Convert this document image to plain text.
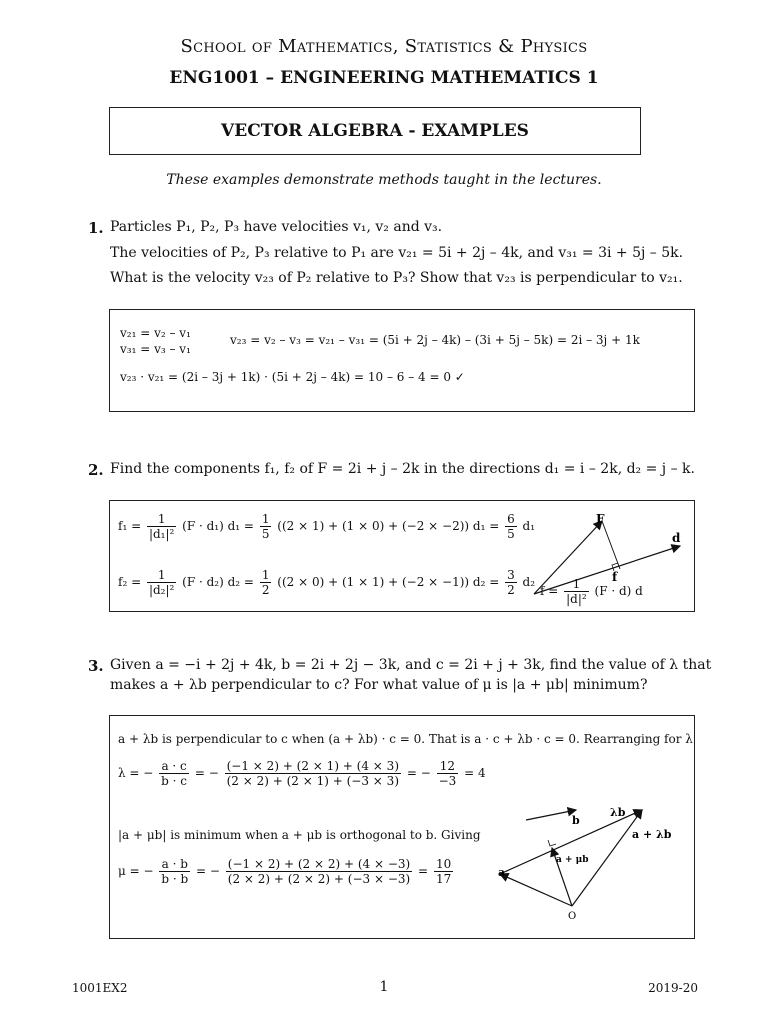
School of Mathematics, Statistics & Physics
ENG1001 – ENGINEERING MATHEMATICS 1
VECTOR ALGEBRA - EXAMPLES
These examples demonstrate methods taught in the lectures.
1. Particles P₁, P₂, P₃ have velocities v₁, v₂ and v₃.
The velocities of P₂, P₃ relative to P₁ are v₂₁ = 5i + 2j – 4k, and v₃₁ = 3i + 5j – 5k.
What is the velocity v₂₃ of P₂ relative to P₃? Show that v₂₃ is perpendicular to v₂₁.
v₂₁ = v₂ – v₁
v₃₁ = v₃ – v₁
v₂₃ = v₂ – v₃ = v₂₁ – v₃₁ = (5i + 2j – 4k) – (3i + 5j – 5k) = 2i – 3j + 1k
v₂₃ · v₂₁ = (2i – 3j + 1k) · (5i + 2j – 4k) = 10 – 6 – 4 = 0 ✓
2. Find the components f₁, f₂ of F = 2i + j – 2k in the directions d₁ = i – 2k, d₂ = j – k.
$f_1 = \frac{1}{\text{|d₁|²}} (F \cdot d_1) d_1 = \frac{1}{5} ((2 \times 1) + (1 \times 0) + (-2 \times -2)) d_1 = \frac{6}{5} d_1$
$f_2 = \frac{1}{\text{|d₂|²}} (F \cdot d_2) d_2 = \frac{1}{2} ((2 \times 0) + (1 \times 1) + (-2 \times -1)) d_2 = \frac{3}{2} d_2$
F
d
f
$f = \frac{1}{\text{|d|²}} (F \cdot d)$ d
3. Given a = −i + 2j + 4k, b = 2i + 2j − 3k, and c = 2i + j + 3k, find the value of λ that
makes a + λb perpendicular to c? For what value of μ is |a + μb| minimum?
a + λb is perpendicular to c when (a + λb) · c = 0. That is a · c + λb · c = 0. Rearranging for λ
λ = − $\frac{a \cdot c}{b \cdot c}$ = − $\frac{(-1 \times 2) + (2 \times 1) + (4 \times 3)}{(2 \times 2) + (2 \times 1) + (-3 \times 3)}$ = − $\frac{12}{-3} = 4$
|a + μb| is minimum when a + μb is orthogonal to b. Giving
μ = − $\frac{a \cdot b}{b \cdot b}$ = − $\frac{(-1 \times 2) + (2 \times 2) + (4 \times -3)}{(2 \times 2) + (2 \times 2) + (-3 \times -3)} = \frac{10}{17}$
b
λb
a + λb
a + μb
a
O
1001EX2	1	2019-20
